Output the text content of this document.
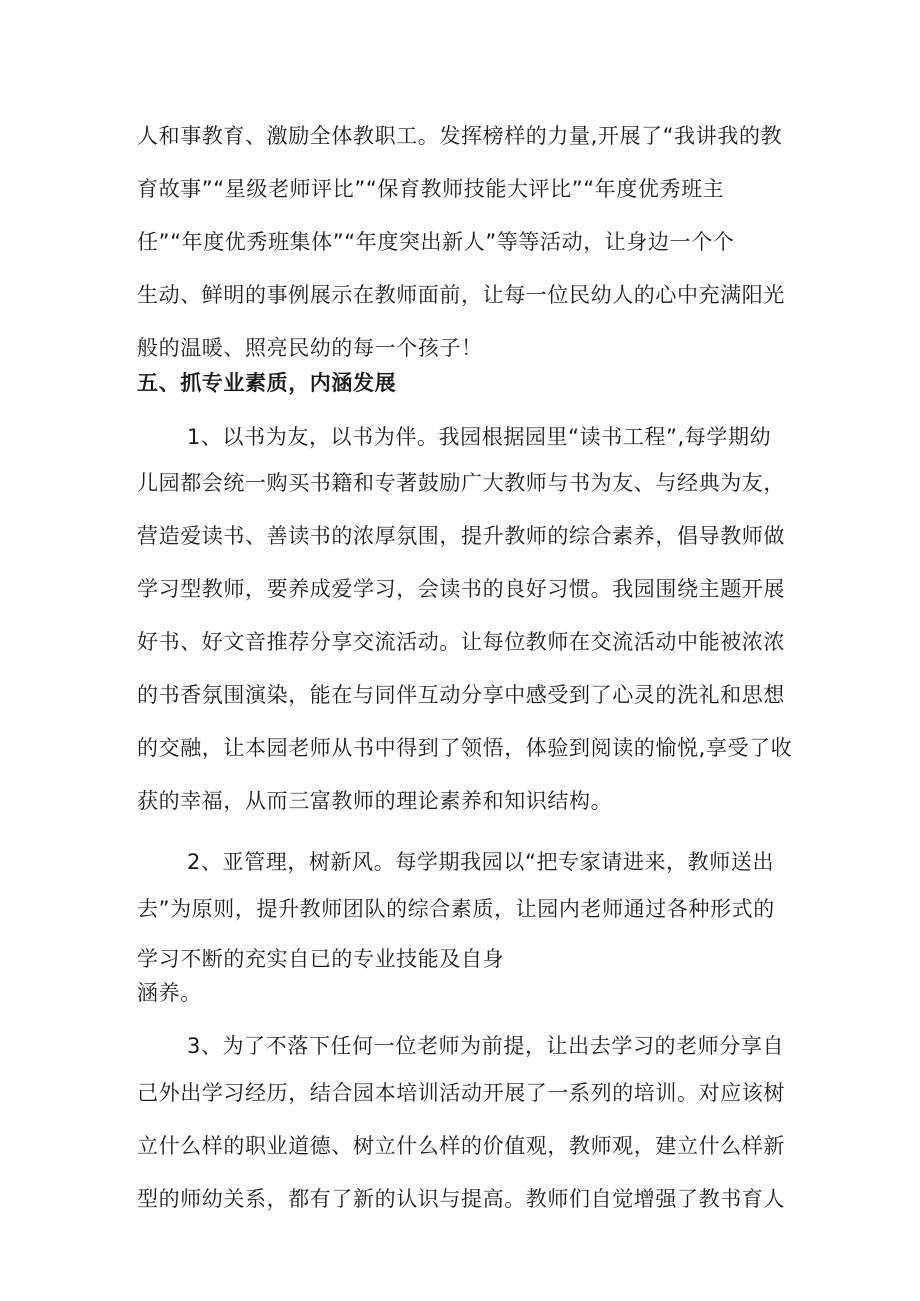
人和事教育、激励全体教职工。发挥榜样的力量,开展了“我讲我的教
育故事”“星级老师评比”“保育教师技能大评比”“年度优秀班主
任”“年度优秀班集体”“年度突出新人”等等活动，让身边一个个
生动、鲜明的事例展示在教师面前，让每一位民幼人的心中充满阳光
般的温暖、照亮民幼的每一个孩子！
五、抓专业素质，内涵发展
1、以书为友，以书为伴。我园根据园里“读书工程”,每学期幼
儿园都会统一购买书籍和专著鼓励广大教师与书为友、与经典为友，
营造爱读书、善读书的浓厚氛围，提升教师的综合素养，倡导教师做
学习型教师，要养成爱学习，会读书的良好习惯。我园围绕主题开展
好书、好文音推荐分享交流活动。让每位教师在交流活动中能被浓浓
的书香氛围演染，能在与同伴互动分享中感受到了心灵的洗礼和思想
的交融，让本园老师从书中得到了领悟，体验到阅读的愉悦,享受了收
获的幸福，从而三富教师的理论素养和知识结构。
2、亚管理，树新风。每学期我园以“把专家请进来，教师送出
去”为原则，提升教师团队的综合素质，让园内老师通过各种形式的
学习不断的充实自已的专业技能及自身
涵养。
3、为了不落下任何一位老师为前提，让出去学习的老师分享自
己外出学习经历，结合园本培训活动开展了一系列的培训。对应该树
立什么样的职业道德、树立什么样的价值观，教师观，建立什么样新
型的师幼关系，都有了新的认识与提高。教师们自觉增强了教书育人
